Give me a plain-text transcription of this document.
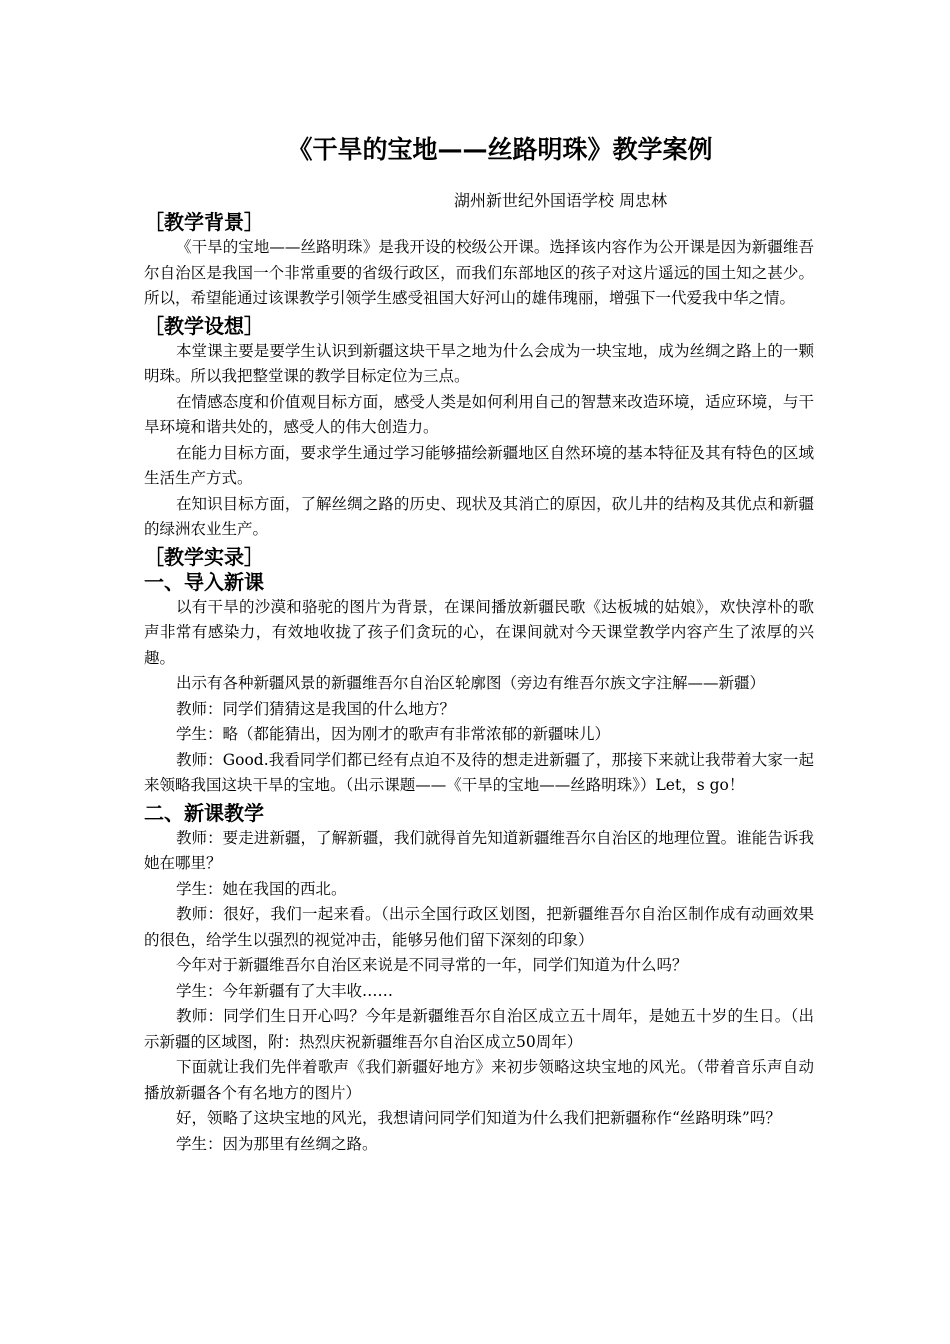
《干旱的宝地——丝路明珠》教学案例
湖州新世纪外国语学校 周忠林
［教学背景］

《干旱的宝地——丝路明珠》是我开设的校级公开课。选择该内容作为公开课是因为新疆维吾尔自治区是我国一个非常重要的省级行政区，而我们东部地区的孩子对这片遥远的国土知之甚少。所以，希望能通过该课教学引领学生感受祖国大好河山的雄伟瑰丽，增强下一代爱我中华之情。

［教学设想］

本堂课主要是要学生认识到新疆这块干旱之地为什么会成为一块宝地，成为丝绸之路上的一颗明珠。所以我把整堂课的教学目标定位为三点。

在情感态度和价值观目标方面，感受人类是如何利用自己的智慧来改造环境，适应环境，与干旱环境和谐共处的，感受人的伟大创造力。

在能力目标方面，要求学生通过学习能够描绘新疆地区自然环境的基本特征及其有特色的区域生活生产方式。

在知识目标方面，了解丝绸之路的历史、现状及其消亡的原因，砍儿井的结构及其优点和新疆的绿洲农业生产。

［教学实录］
一、导入新课

以有干旱的沙漠和骆驼的图片为背景，在课间播放新疆民歌《达板城的姑娘》，欢快淳朴的歌声非常有感染力，有效地收拢了孩子们贪玩的心，在课间就对今天课堂教学内容产生了浓厚的兴趣。

出示有各种新疆风景的新疆维吾尔自治区轮廓图（旁边有维吾尔族文字注解——新疆）

教师：同学们猜猜这是我国的什么地方？

学生：略（都能猜出，因为刚才的歌声有非常浓郁的新疆味儿）

教师：Good.我看同学们都已经有点迫不及待的想走进新疆了，那接下来就让我带着大家一起来领略我国这块干旱的宝地。（出示课题——《干旱的宝地——丝路明珠》）Let，s go！

二、新课教学

教师：要走进新疆，了解新疆，我们就得首先知道新疆维吾尔自治区的地理位置。谁能告诉我她在哪里？

学生：她在我国的西北。

教师：很好，我们一起来看。（出示全国行政区划图，把新疆维吾尔自治区制作成有动画效果的很色，给学生以强烈的视觉冲击，能够另他们留下深刻的印象）

今年对于新疆维吾尔自治区来说是不同寻常的一年，同学们知道为什么吗？

学生：今年新疆有了大丰收……

教师：同学们生日开心吗？今年是新疆维吾尔自治区成立五十周年，是她五十岁的生日。（出示新疆的区域图，附：热烈庆祝新疆维吾尔自治区成立50周年）

下面就让我们先伴着歌声《我们新疆好地方》来初步领略这块宝地的风光。（带着音乐声自动播放新疆各个有名地方的图片）

好，领略了这块宝地的风光，我想请问同学们知道为什么我们把新疆称作“丝路明珠”吗？

学生：因为那里有丝绸之路。
